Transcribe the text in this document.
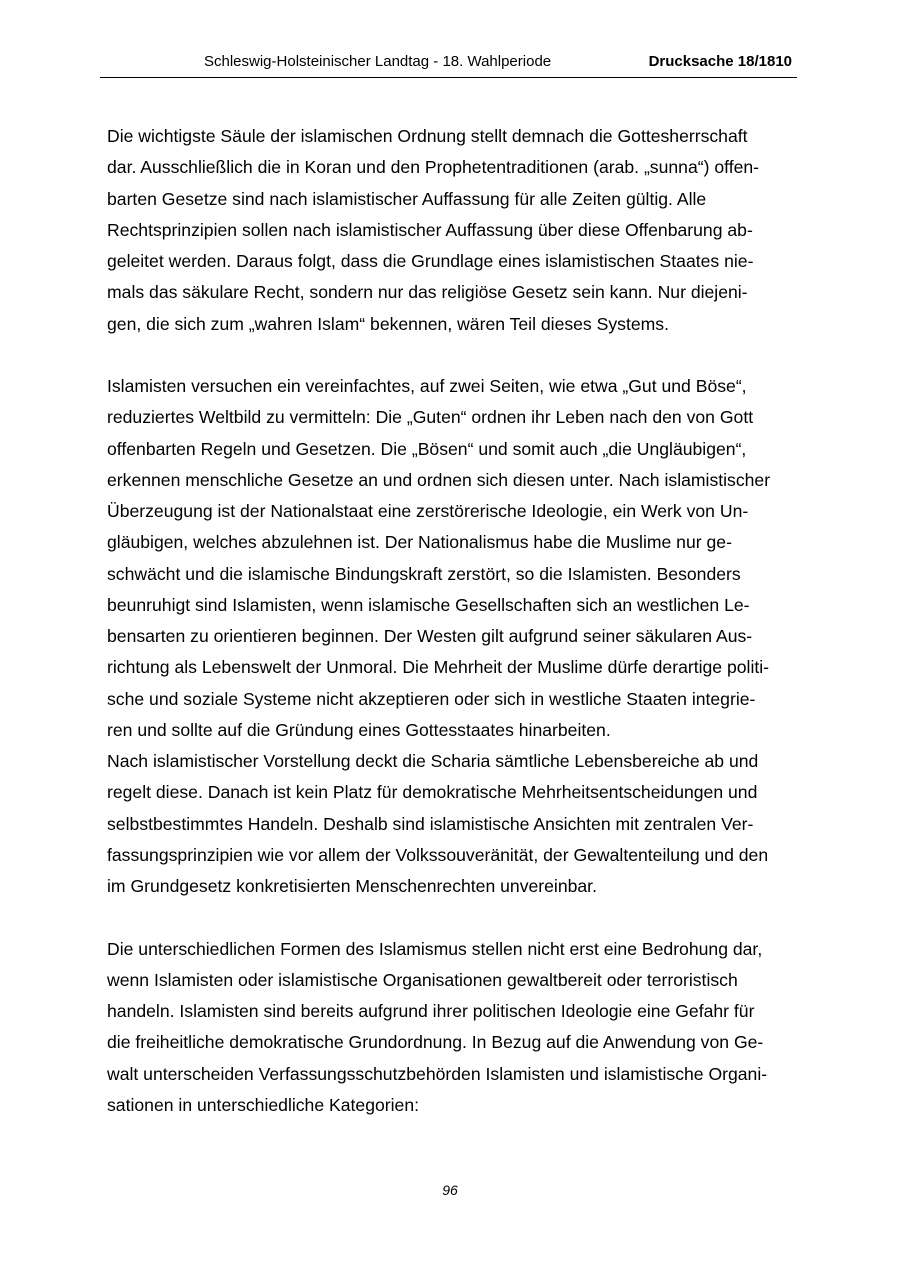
Schleswig-Holsteinischer Landtag - 18. Wahlperiode	Drucksache 18/1810
Die wichtigste Säule der islamischen Ordnung stellt demnach die Gottesherrschaft
dar. Ausschließlich die in Koran und den Prophetentraditionen (arab. „sunna“) offen-
barten Gesetze sind nach islamistischer Auffassung für alle Zeiten gültig. Alle
Rechtsprinzipien sollen nach islamistischer Auffassung über diese Offenbarung ab-
geleitet werden. Daraus folgt, dass die Grundlage eines islamistischen Staates nie-
mals das säkulare Recht, sondern nur das religiöse Gesetz sein kann. Nur diejeni-
gen, die sich zum „wahren Islam“ bekennen, wären Teil dieses Systems.
Islamisten versuchen ein vereinfachtes, auf zwei Seiten, wie etwa „Gut und Böse“,
reduziertes Weltbild zu vermitteln: Die „Guten“ ordnen ihr Leben nach den von Gott
offenbarten Regeln und Gesetzen. Die „Bösen“ und somit auch „die Ungläubigen“,
erkennen menschliche Gesetze an und ordnen sich diesen unter. Nach islamistischer
Überzeugung ist der Nationalstaat eine zerstörerische Ideologie, ein Werk von Un-
gläubigen, welches abzulehnen ist. Der Nationalismus habe die Muslime nur ge-
schwächt und die islamische Bindungskraft zerstört, so die Islamisten. Besonders
beunruhigt sind Islamisten, wenn islamische Gesellschaften sich an westlichen Le-
bensarten zu orientieren beginnen. Der Westen gilt aufgrund seiner säkularen Aus-
richtung als Lebenswelt der Unmoral. Die Mehrheit der Muslime dürfe derartige politi-
sche und soziale Systeme nicht akzeptieren oder sich in westliche Staaten integrie-
ren und sollte auf die Gründung eines Gottesstaates hinarbeiten.
Nach islamistischer Vorstellung deckt die Scharia sämtliche Lebensbereiche ab und
regelt diese. Danach ist kein Platz für demokratische Mehrheitsentscheidungen und
selbstbestimmtes Handeln. Deshalb sind islamistische Ansichten mit zentralen Ver-
fassungsprinzipien wie vor allem der Volkssouveränität, der Gewaltenteilung und den
im Grundgesetz konkretisierten Menschenrechten unvereinbar.
Die unterschiedlichen Formen des Islamismus stellen nicht erst eine Bedrohung dar,
wenn Islamisten oder islamistische Organisationen gewaltbereit oder terroristisch
handeln. Islamisten sind bereits aufgrund ihrer politischen Ideologie eine Gefahr für
die freiheitliche demokratische Grundordnung. In Bezug auf die Anwendung von Ge-
walt unterscheiden Verfassungsschutzbehörden Islamisten und islamistische Organi-
sationen in unterschiedliche Kategorien:
96
